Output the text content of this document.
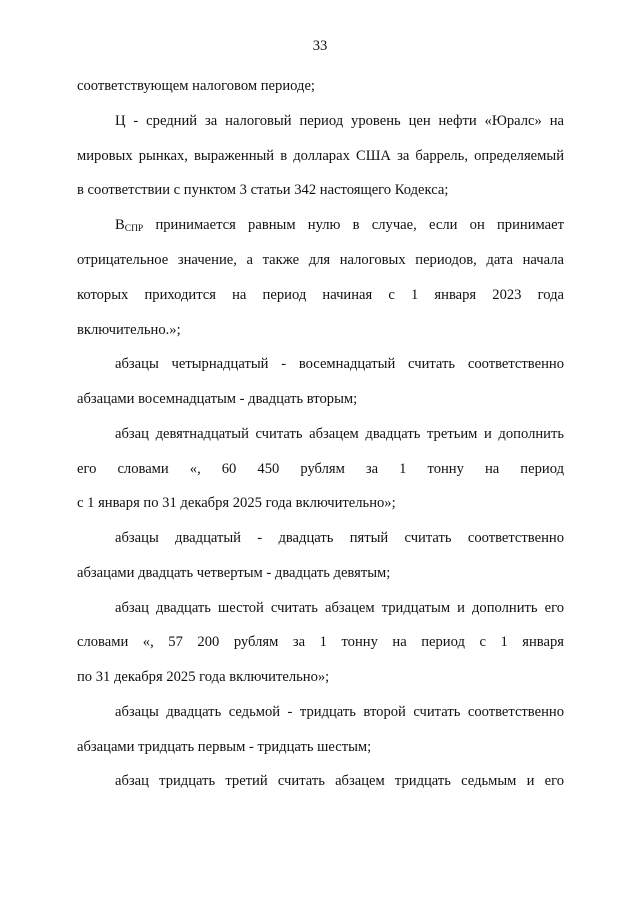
33
соответствующем налоговом периоде;
Ц - средний за налоговый период уровень цен нефти «Юралс» на
мировых рынках, выраженный в долларах США за баррель, определяемый
в соответствии с пунктом 3 статьи 342 настоящего Кодекса;
$B_{СПР}$ принимается равным нулю в случае, если он принимает
отрицательное значение, а также для налоговых периодов, дата начала
которых приходится на период начиная с 1 января 2023 года
включительно.»;
абзацы четырнадцатый - восемнадцатый считать соответственно
абзацами восемнадцатым - двадцать вторым;
абзац девятнадцатый считать абзацем двадцать третьим и дополнить
его словами «, 60 450 рублям за 1 тонну на период
с 1 января по 31 декабря 2025 года включительно»;
абзацы двадцатый - двадцать пятый считать соответственно
абзацами двадцать четвертым - двадцать девятым;
абзац двадцать шестой считать абзацем тридцатым и дополнить его
словами «, 57 200 рублям за 1 тонну на период с 1 января
по 31 декабря 2025 года включительно»;
абзацы двадцать седьмой - тридцать второй считать соответственно
абзацами тридцать первым - тридцать шестым;
абзац тридцать третий считать абзацем тридцать седьмым и его
